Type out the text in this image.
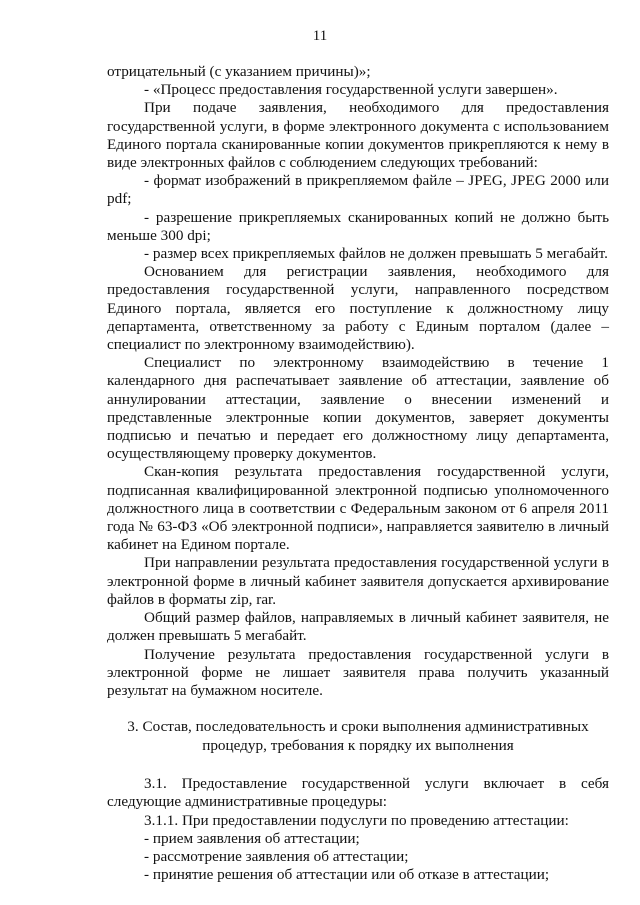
11

отрицательный (с указанием причины)»;

- «Процесс предоставления государственной услуги завершен».

При подаче заявления, необходимого для предоставления государственной услуги, в форме электронного документа с использованием Единого портала сканированные копии документов прикрепляются к нему в виде электронных файлов с соблюдением следующих требований:

- формат изображений в прикрепляемом файле – JPEG, JPEG 2000 или pdf;

- разрешение прикрепляемых сканированных копий не должно быть меньше 300 dpi;

- размер всех прикрепляемых файлов не должен превышать 5 мегабайт.

Основанием для регистрации заявления, необходимого для предоставления государственной услуги, направленного посредством Единого портала, является его поступление к должностному лицу департамента, ответственному за работу с Единым порталом (далее – специалист по электронному взаимодействию).

Специалист по электронному взаимодействию в течение 1 календарного дня распечатывает заявление об аттестации, заявление об аннулировании аттестации, заявление о внесении изменений и представленные электронные копии документов, заверяет документы подписью и печатью и передает его должностному лицу департамента, осуществляющему проверку документов.

Скан-копия результата предоставления государственной услуги, подписанная квалифицированной электронной подписью уполномоченного должностного лица в соответствии с Федеральным законом от 6 апреля 2011 года № 63-ФЗ «Об электронной подписи», направляется заявителю в личный кабинет на Едином портале.

При направлении результата предоставления государственной услуги в электронной форме в личный кабинет заявителя допускается архивирование файлов в форматы zip, rar.

Общий размер файлов, направляемых в личный кабинет заявителя, не должен превышать 5 мегабайт.

Получение результата предоставления государственной услуги в электронной форме не лишает заявителя права получить указанный результат на бумажном носителе.

3. Состав, последовательность и сроки выполнения административных
процедур, требования к порядку их выполнения

3.1. Предоставление государственной услуги включает в себя следующие административные процедуры:

3.1.1. При предоставлении подуслуги по проведению аттестации:

- прием заявления об аттестации;

- рассмотрение заявления об аттестации;

- принятие решения об аттестации или об отказе в аттестации;
